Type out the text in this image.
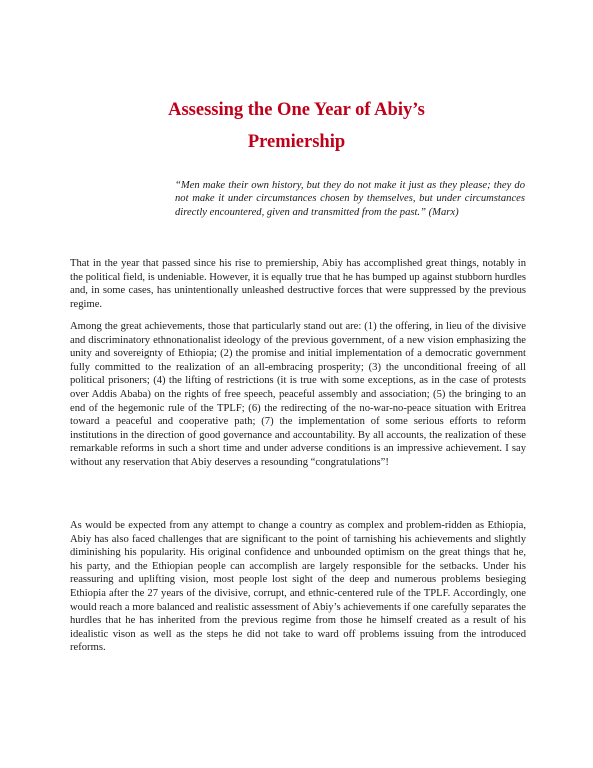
Assessing the One Year of Abiy’s
Premiership

“Men make their own history, but they do not make it just as they please; they do not make it under circumstances chosen by themselves, but under circumstances directly encountered, given and transmitted from the past.” (Marx)

That in the year that passed since his rise to premiership, Abiy has accomplished great things, notably in the political field, is undeniable. However, it is equally true that he has bumped up against stubborn hurdles and, in some cases, has unintentionally unleashed destructive forces that were suppressed by the previous regime.

Among the great achievements, those that particularly stand out are: (1) the offering, in lieu of the divisive and discriminatory ethnonationalist ideology of the previous government, of a new vision emphasizing the unity and sovereignty of Ethiopia; (2) the promise and initial implementation of a democratic government fully committed to the realization of an all-embracing prosperity; (3) the unconditional freeing of all political prisoners; (4) the lifting of restrictions (it is true with some exceptions, as in the case of protests over Addis Ababa) on the rights of free speech, peaceful assembly and association; (5) the bringing to an end of the hegemonic rule of the TPLF; (6) the redirecting of the no-war-no-peace situation with Eritrea toward a peaceful and cooperative path; (7) the implementation of some serious efforts to reform institutions in the direction of good governance and accountability. By all accounts, the realization of these remarkable reforms in such a short time and under adverse conditions is an impressive achievement. I say without any reservation that Abiy deserves a resounding “congratulations”!

As would be expected from any attempt to change a country as complex and problem-ridden as Ethiopia, Abiy has also faced challenges that are significant to the point of tarnishing his achievements and slightly diminishing his popularity. His original confidence and unbounded optimism on the great things that he, his party, and the Ethiopian people can accomplish are largely responsible for the setbacks. Under his reassuring and uplifting vision, most people lost sight of the deep and numerous problems besieging Ethiopia after the 27 years of the divisive, corrupt, and ethnic-centered rule of the TPLF. Accordingly, one would reach a more balanced and realistic assessment of Abiy’s achievements if one carefully separates the hurdles that he has inherited from the previous regime from those he himself created as a result of his idealistic vison as well as the steps he did not take to ward off problems issuing from the introduced reforms.
